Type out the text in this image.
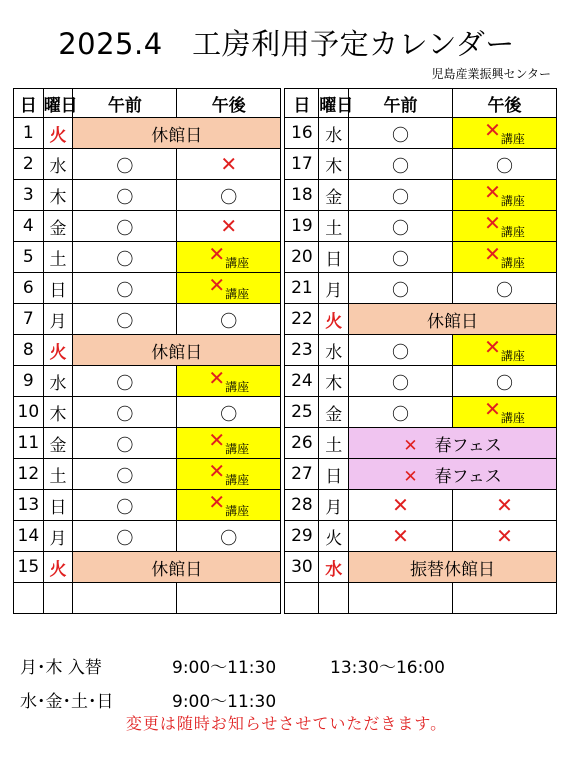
2025.4　工房利用予定カレンダー
児島産業振興センター
日	曜日	午前	午後		日	曜日	午前	午後
1	火	休館日			16	水	〇	✕講座
2	水	〇	✕		17	木	〇	〇
3	木	〇	〇		18	金	〇	✕講座
4	金	〇	✕		19	土	〇	✕講座
5	土	〇	✕講座		20	日	〇	✕講座
6	日	〇	✕講座		21	月	〇	〇
7	月	〇	〇		22	火	休館日	
8	火	休館日			23	水	〇	✕講座
9	水	〇	✕講座		24	木	〇	〇
10	木	〇	〇		25	金	〇	✕講座
11	金	〇	✕講座		26	土	✕　春フェス	
12	土	〇	✕講座		27	日	✕　春フェス	
13	日	〇	✕講座		28	月	✕	✕
14	月	〇	〇		29	火	✕	✕
15	火	休館日			30	水	振替休館日	

月･木 入替	9:00～11:30	13:30～16:00
水･金･土･日	9:00～11:30
変更は随時お知らせさせていただきます。
